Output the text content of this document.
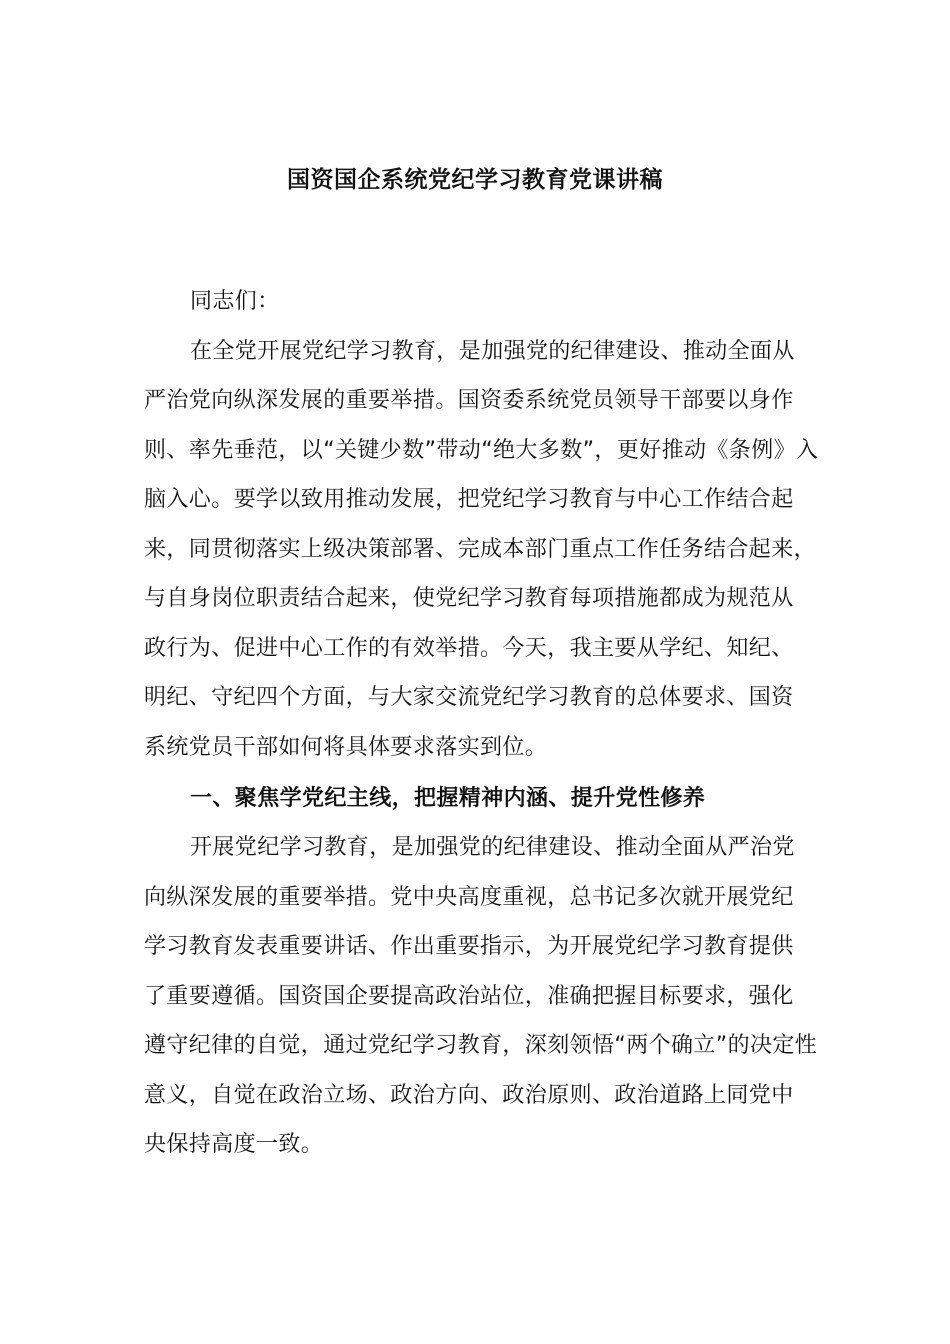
国资国企系统党纪学习教育党课讲稿
同志们：
在全党开展党纪学习教育，是加强党的纪律建设、推动全面从
严治党向纵深发展的重要举措。国资委系统党员领导干部要以身作
则、率先垂范，以“关键少数”带动“绝大多数”，更好推动《条例》入
脑入心。要学以致用推动发展，把党纪学习教育与中心工作结合起
来，同贯彻落实上级决策部署、完成本部门重点工作任务结合起来，
与自身岗位职责结合起来，使党纪学习教育每项措施都成为规范从
政行为、促进中心工作的有效举措。今天，我主要从学纪、知纪、
明纪、守纪四个方面，与大家交流党纪学习教育的总体要求、国资
系统党员干部如何将具体要求落实到位。
一、聚焦学党纪主线，把握精神内涵、提升党性修养
开展党纪学习教育，是加强党的纪律建设、推动全面从严治党
向纵深发展的重要举措。党中央高度重视，总书记多次就开展党纪
学习教育发表重要讲话、作出重要指示，为开展党纪学习教育提供
了重要遵循。国资国企要提高政治站位，准确把握目标要求，强化
遵守纪律的自觉，通过党纪学习教育，深刻领悟“两个确立”的决定性
意义，自觉在政治立场、政治方向、政治原则、政治道路上同党中
央保持高度一致。
